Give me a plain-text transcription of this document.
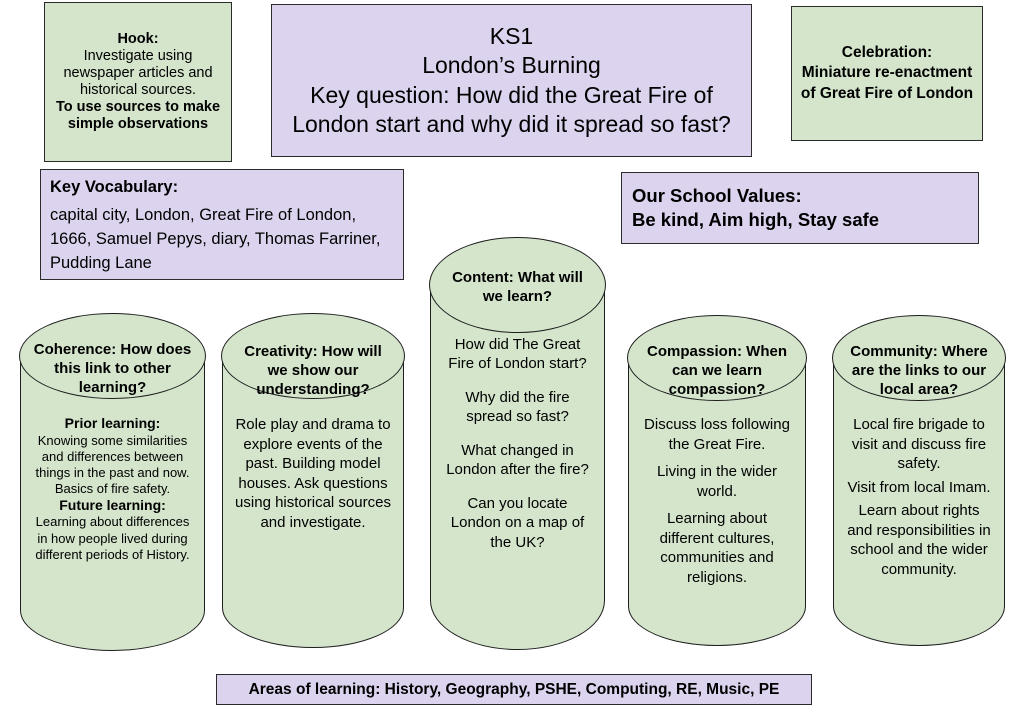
Hook:
Investigate using newspaper articles and historical sources.
To use sources to make simple observations
KS1
London’s Burning
Key question: How did the Great Fire of London start and why did it spread so fast?
Celebration:
Miniature re-enactment of Great Fire of London
Key Vocabulary:
capital city, London, Great Fire of London, 1666, Samuel Pepys, diary, Thomas Farriner, Pudding Lane
Our School Values:
Be kind, Aim high, Stay safe
Coherence: How does this link to other learning?
Prior learning:
Knowing some similarities and differences between things in the past and now. Basics of fire safety.
Future learning:
Learning about differences in how people lived during different periods of History.
Creativity: How will we show our understanding?
Role play and drama to explore events of the past. Building model houses. Ask questions using historical sources and investigate.
Content: What will we learn?

How did The Great Fire of London start?

Why did the fire spread so fast?

What changed in London after the fire?

Can you locate London on a map of the UK?

Compassion: When can we learn compassion?

Discuss loss following the Great Fire.

Living in the wider world.

Learning about different cultures, communities and religions.

Community: Where are the links to our local area?

Local fire brigade to visit and discuss fire safety.

Visit from local Imam.

Learn about rights and responsibilities in school and the wider community.

Areas of learning: History, Geography, PSHE, Computing, RE, Music, PE
